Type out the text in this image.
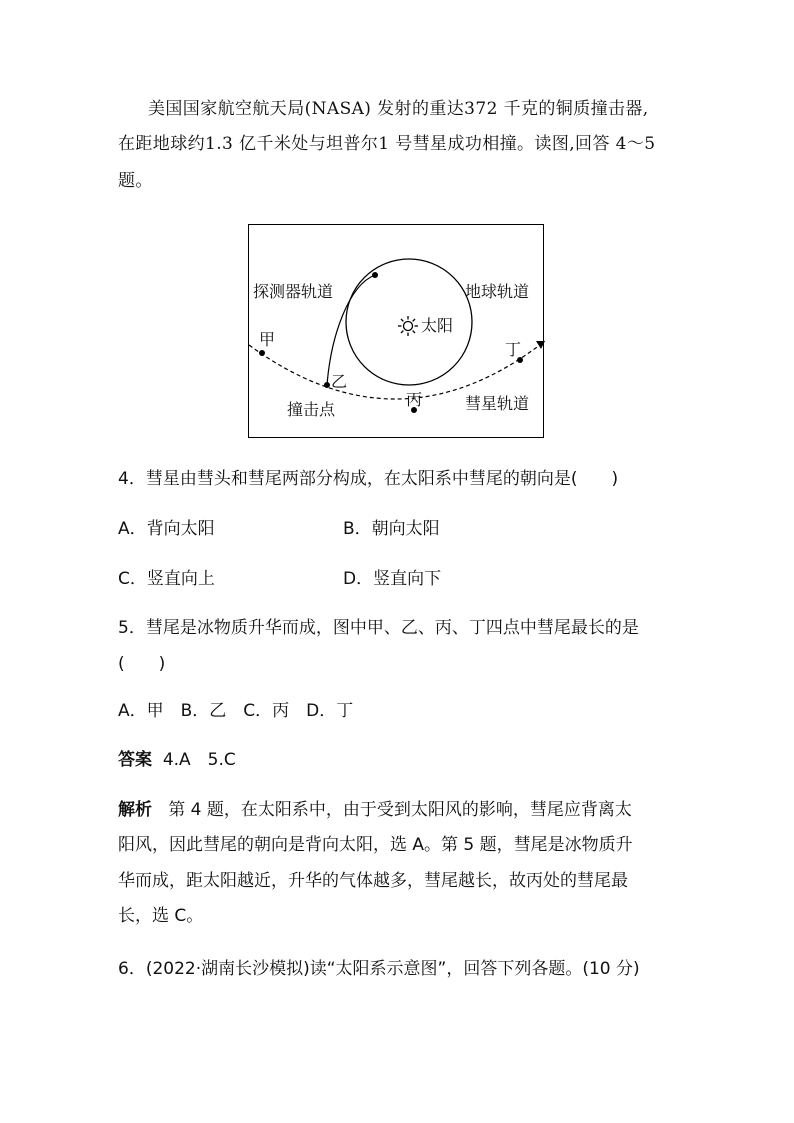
美国国家航空航天局(NASA) 发射的重达372 千克的铜质撞击器,
在距地球约1.3 亿千米处与坦普尔1 号彗星成功相撞。读图,回答 4～5
题。
探测器轨道	地球轨道
太阳
甲
乙
丙
丁
撞击点	彗星轨道
4．彗星由彗头和彗尾两部分构成，在太阳系中彗尾的朝向是(　　)
A．背向太阳	B．朝向太阳
C．竖直向上	D．竖直向下
5．彗尾是冰物质升华而成，图中甲、乙、丙、丁四点中彗尾最长的是
(　　)
A．甲　B．乙　C．丙　D．丁
答案 4.A　5.C
解析 第 4 题，在太阳系中，由于受到太阳风的影响，彗尾应背离太
阳风，因此彗尾的朝向是背向太阳，选 A。第 5 题，彗尾是冰物质升
华而成，距太阳越近，升华的气体越多，彗尾越长，故丙处的彗尾最
长，选 C。
6．(2022·湖南长沙模拟)读“太阳系示意图”，回答下列各题。(10 分)
